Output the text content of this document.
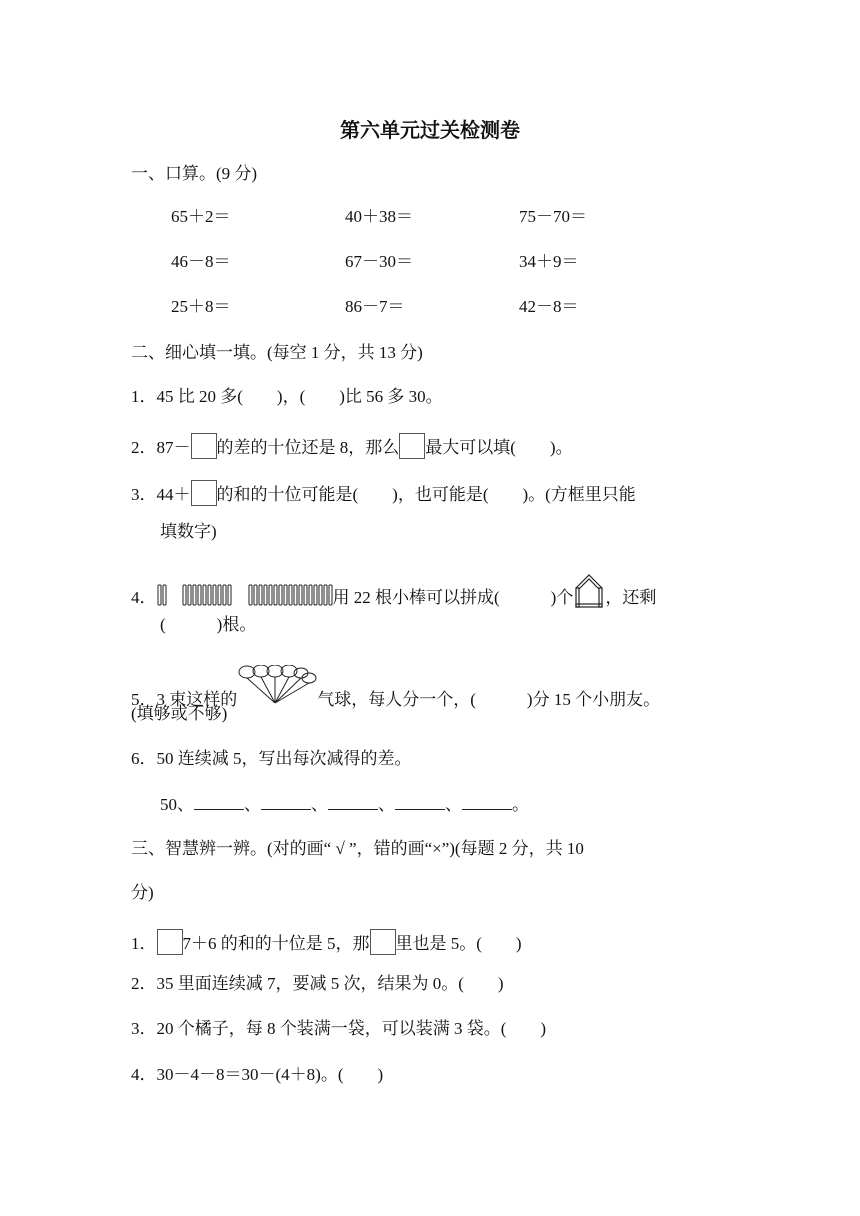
第六单元过关检测卷
一、口算。(9 分)
65＋2＝	40＋38＝	75－70＝
46－8＝	67－30＝	34＋9＝
25＋8＝	86－7＝	42－8＝
二、细心填一填。(每空 1 分，共 13 分)
1．45 比 20 多(　　)，(　　)比 56 多 30。
2．87－ 的差的十位还是 8，那么 最大可以填(　　)。
3．44＋ 的和的十位可能是(　　)，也可能是(　　)。(方框里只能
填数字)
4．	用 22 根小棒可以拼成(　　　)个 ，还剩
(　　　)根。
5．3 束这样的	气球，每人分一个，(　　　)分 15 个小朋友。
(填够或不够)
6．50 连续减 5，写出每次减得的差。
50、	、	、	、	、	。
三、智慧辨一辨。(对的画“ √ ”，错的画“×”)(每题 2 分，共 10
分)
1． 7＋6 的和的十位是 5，那 里也是 5。(　　)
2．35 里面连续减 7，要减 5 次，结果为 0。(　　)
3．20 个橘子，每 8 个装满一袋，可以装满 3 袋。(　　)
4．30－4－8＝30－(4＋8)。(　　)
